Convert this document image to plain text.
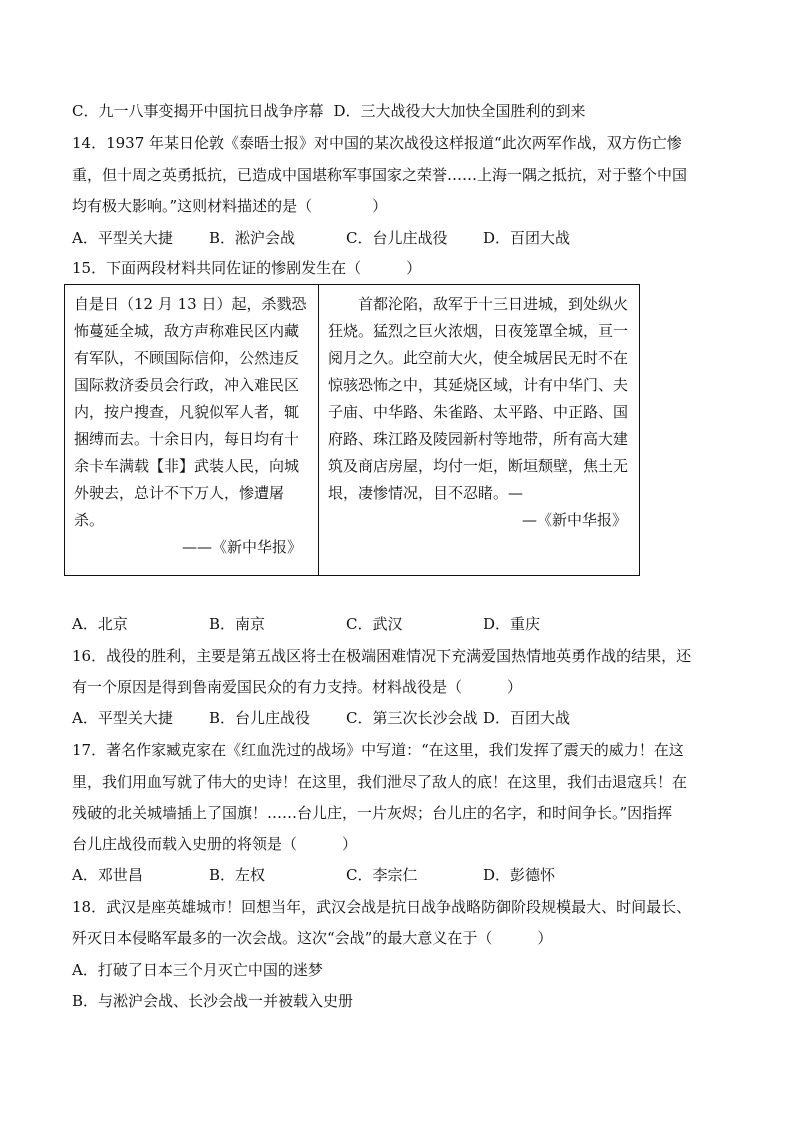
C．九一八事变揭开中国抗日战争序幕 D．三大战役大大加快全国胜利的到来
14．1937 年某日伦敦《泰晤士报》对中国的某次战役这样报道“此次两军作战，双方伤亡惨
重，但十周之英勇抵抗，已造成中国堪称军事国家之荣誉……上海一隅之抵抗，对于整个中国
均有极大影响。”这则材料描述的是（　　　　）
A．平型关大捷	B．淞沪会战	C．台儿庄战役	D．百团大战
15．下面两段材料共同佐证的惨剧发生在（　　　）
自是日（12 月 13 日）起，杀戮恐怖蔓延全城，敌方声称难民区内藏有军队，不顾国际信仰，公然违反国际救济委员会行政，冲入难民区内，按户搜查，凡貌似军人者，辄捆缚而去。十余日内，每日均有十余卡车满载【非】武装人民，向城外驶去，总计不下万人，惨遭屠杀。
——《新中华报》

首都沦陷，敌军于十三日进城，到处纵火狂烧。猛烈之巨火浓烟，日夜笼罩全城，亘一阅月之久。此空前大火，使全城居民无时不在惊骇恐怖之中，其延烧区域，计有中华门、夫子庙、中华路、朱雀路、太平路、中正路、国府路、珠江路及陵园新村等地带，所有高大建筑及商店房屋，均付一炬，断垣颓壁，焦土无垠，凄惨情况，目不忍睹。—
—《新中华报》
A．北京	B．南京	C．武汉	D．重庆
16．战役的胜利，主要是第五战区将士在极端困难情况下充满爱国热情地英勇作战的结果，还
有一个原因是得到鲁南爱国民众的有力支持。材料战役是（　　　）
A．平型关大捷	B．台儿庄战役	C．第三次长沙会战 D．百团大战
17．著名作家臧克家在《红血洗过的战场》中写道：“在这里，我们发挥了震天的威力！在这
里，我们用血写就了伟大的史诗！在这里，我们泄尽了敌人的底！在这里，我们击退寇兵！在
残破的北关城墙插上了国旗！……台儿庄，一片灰烬；台儿庄的名字，和时间争长。”因指挥
台儿庄战役而载入史册的将领是（　　　）
A．邓世昌	B．左权	C．李宗仁	D．彭德怀
18．武汉是座英雄城市！回想当年，武汉会战是抗日战争战略防御阶段规模最大、时间最长、
歼灭日本侵略军最多的一次会战。这次“会战”的最大意义在于（　　　）
A．打破了日本三个月灭亡中国的迷梦
B．与淞沪会战、长沙会战一并被载入史册
